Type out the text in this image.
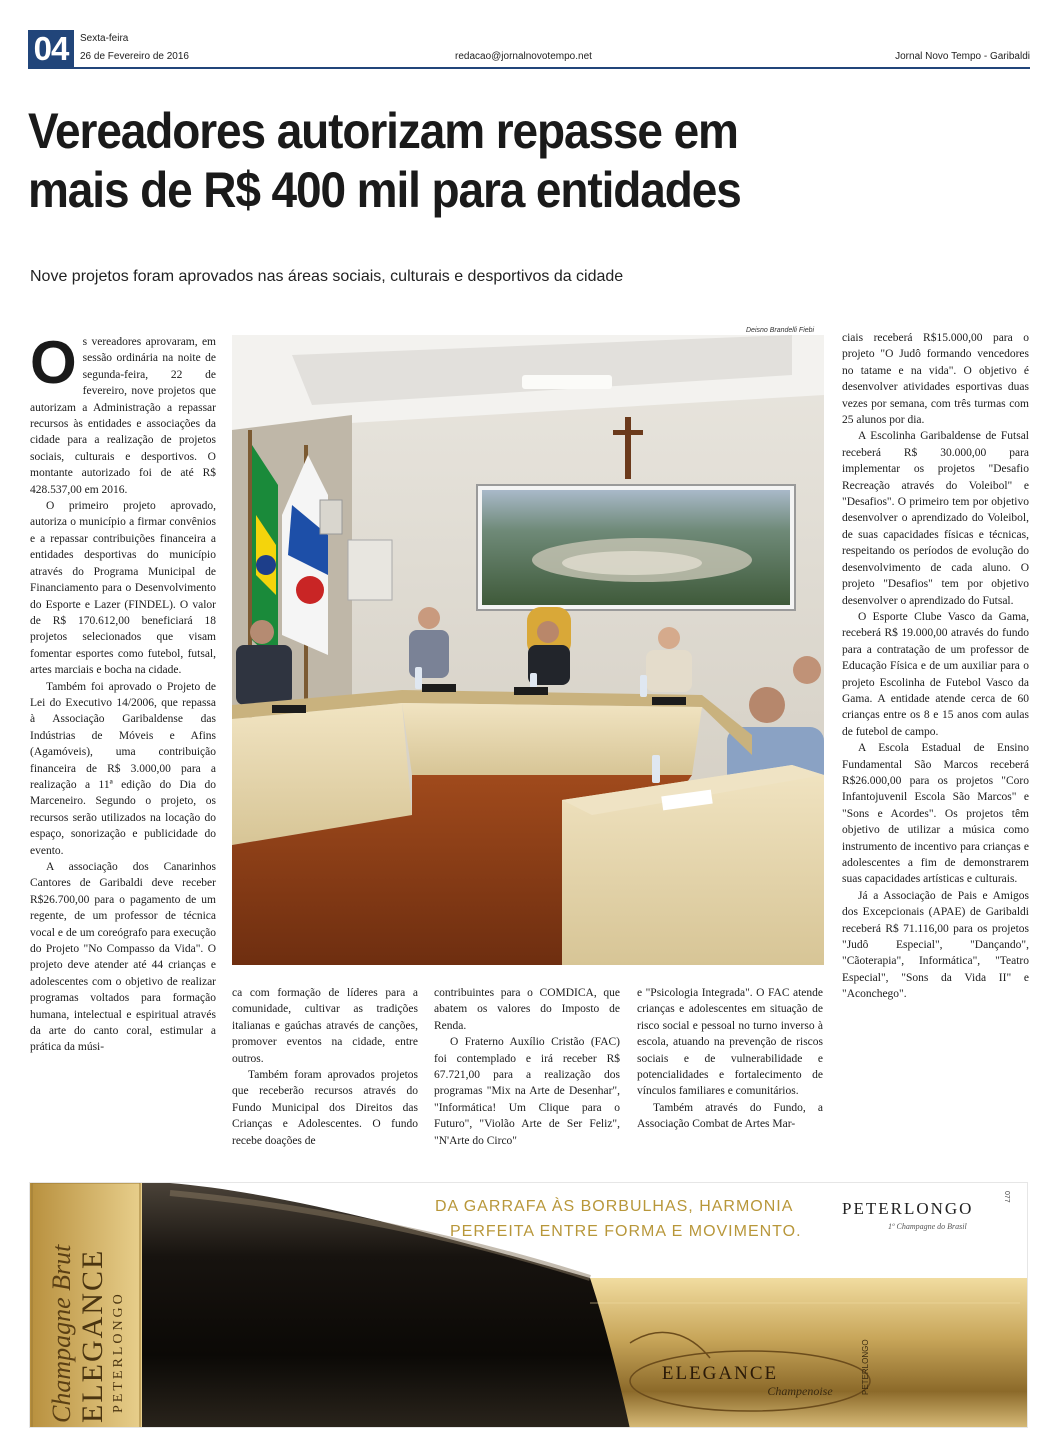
04	Sexta-feira
26 de Fevereiro de 2016	redacao@jornalnovotempo.net	Jornal Novo Tempo - Garibaldi
Vereadores autorizam repasse em
mais de R$ 400 mil para entidades
Nove projetos foram aprovados nas áreas sociais, culturais e desportivos da cidade

Os vereadores aprovaram, em sessão ordinária na noite de segunda-feira, 22 de fevereiro, nove projetos que autorizam a Administração a repassar recursos às entidades e associações da cidade para a realização de projetos sociais, culturais e desportivos. O montante autorizado foi de até R$ 428.537,00 em 2016.

O primeiro projeto aprovado, autoriza o município a firmar convênios e a repassar contribuições financeira a entidades desportivas do município através do Programa Municipal de Financiamento para o Desenvolvimento do Esporte e Lazer (FINDEL). O valor de R$ 170.612,00 beneficiará 18 projetos selecionados que visam fomentar esportes como futebol, futsal, artes marciais e bocha na cidade.

Também foi aprovado o Projeto de Lei do Executivo 14/2006, que repassa à Associação Garibaldense das Indústrias de Móveis e Afins (Agamóveis), uma contribuição financeira de R$ 3.000,00 para a realização a 11ª edição do Dia do Marceneiro. Segundo o projeto, os recursos serão utilizados na locação do espaço, sonorização e publicidade do evento.

A associação dos Canarinhos Cantores de Garibaldi deve receber R$26.700,00 para o pagamento de um regente, de um professor de técnica vocal e de um coreógrafo para execução do Projeto "No Compasso da Vida". O projeto deve atender até 44 crianças e adolescentes com o objetivo de realizar programas voltados para formação humana, intelectual e espiritual através da arte do canto coral, estimular a prática da músi-

Deisno Brandelli Fiebi

ca com formação de líderes para a comunidade, cultivar as tradições italianas e gaúchas através de canções, promover eventos na cidade, entre outros.

Também foram aprovados projetos que receberão recursos através do Fundo Municipal dos Direitos das Crianças e Adolescentes. O fundo recebe doações de

contribuintes para o COMDICA, que abatem os valores do Imposto de Renda.

O Fraterno Auxílio Cristão (FAC) foi contemplado e irá receber R$ 67.721,00 para a realização dos programas "Mix na Arte de Desenhar", "Informática! Um Clique para o Futuro", "Violão Arte de Ser Feliz", "N'Arte do Circo"

e "Psicologia Integrada". O FAC atende crianças e adolescentes em situação de risco social e pessoal no turno inverso à escola, atuando na prevenção de riscos sociais e de vulnerabilidade e potencialidades e fortalecimento de vínculos familiares e comunitários.

Também através do Fundo, a Associação Combat de Artes Mar-

ciais receberá R$15.000,00 para o projeto "O Judô formando vencedores no tatame e na vida". O objetivo é desenvolver atividades esportivas duas vezes por semana, com três turmas com 25 alunos por dia.

A Escolinha Garibaldense de Futsal receberá R$ 30.000,00 para implementar os projetos "Desafio Recreação através do Voleibol" e "Desafios". O primeiro tem por objetivo desenvolver o aprendizado do Voleibol, de suas capacidades físicas e técnicas, respeitando os períodos de evolução do desenvolvimento de cada aluno. O projeto "Desafios" tem por objetivo desenvolver o aprendizado do Futsal.

O Esporte Clube Vasco da Gama, receberá R$ 19.000,00 através do fundo para a contratação de um professor de Educação Física e de um auxiliar para o projeto Escolinha de Futebol Vasco da Gama. A entidade atende cerca de 60 crianças entre os 8 e 15 anos com aulas de futebol de campo.

A Escola Estadual de Ensino Fundamental São Marcos receberá R$26.000,00 para os projetos "Coro Infantojuvenil Escola São Marcos" e "Sons e Acordes". Os projetos têm objetivo de utilizar a música como instrumento de incentivo para crianças e adolescentes a fim de demonstrarem suas capacidades artísticas e culturais.

Já a Associação de Pais e Amigos dos Excepcionais (APAE) de Garibaldi receberá R$ 71.116,00 para os projetos "Judô Especial", "Dançando", "Cãoterapia", Informática", "Teatro Especial", "Sons da Vida II" e "Aconchego".

ELEGANCE
Champenoise
PETERLONGO
ELEGANCE
Champagne Brut	PETERLONGO
DA GARRAFA ÀS BORBULHAS, HARMONIA
PERFEITA ENTRE FORMA E MOVIMENTO.
PETERLONGO
1º Champagne do Brasil
077
